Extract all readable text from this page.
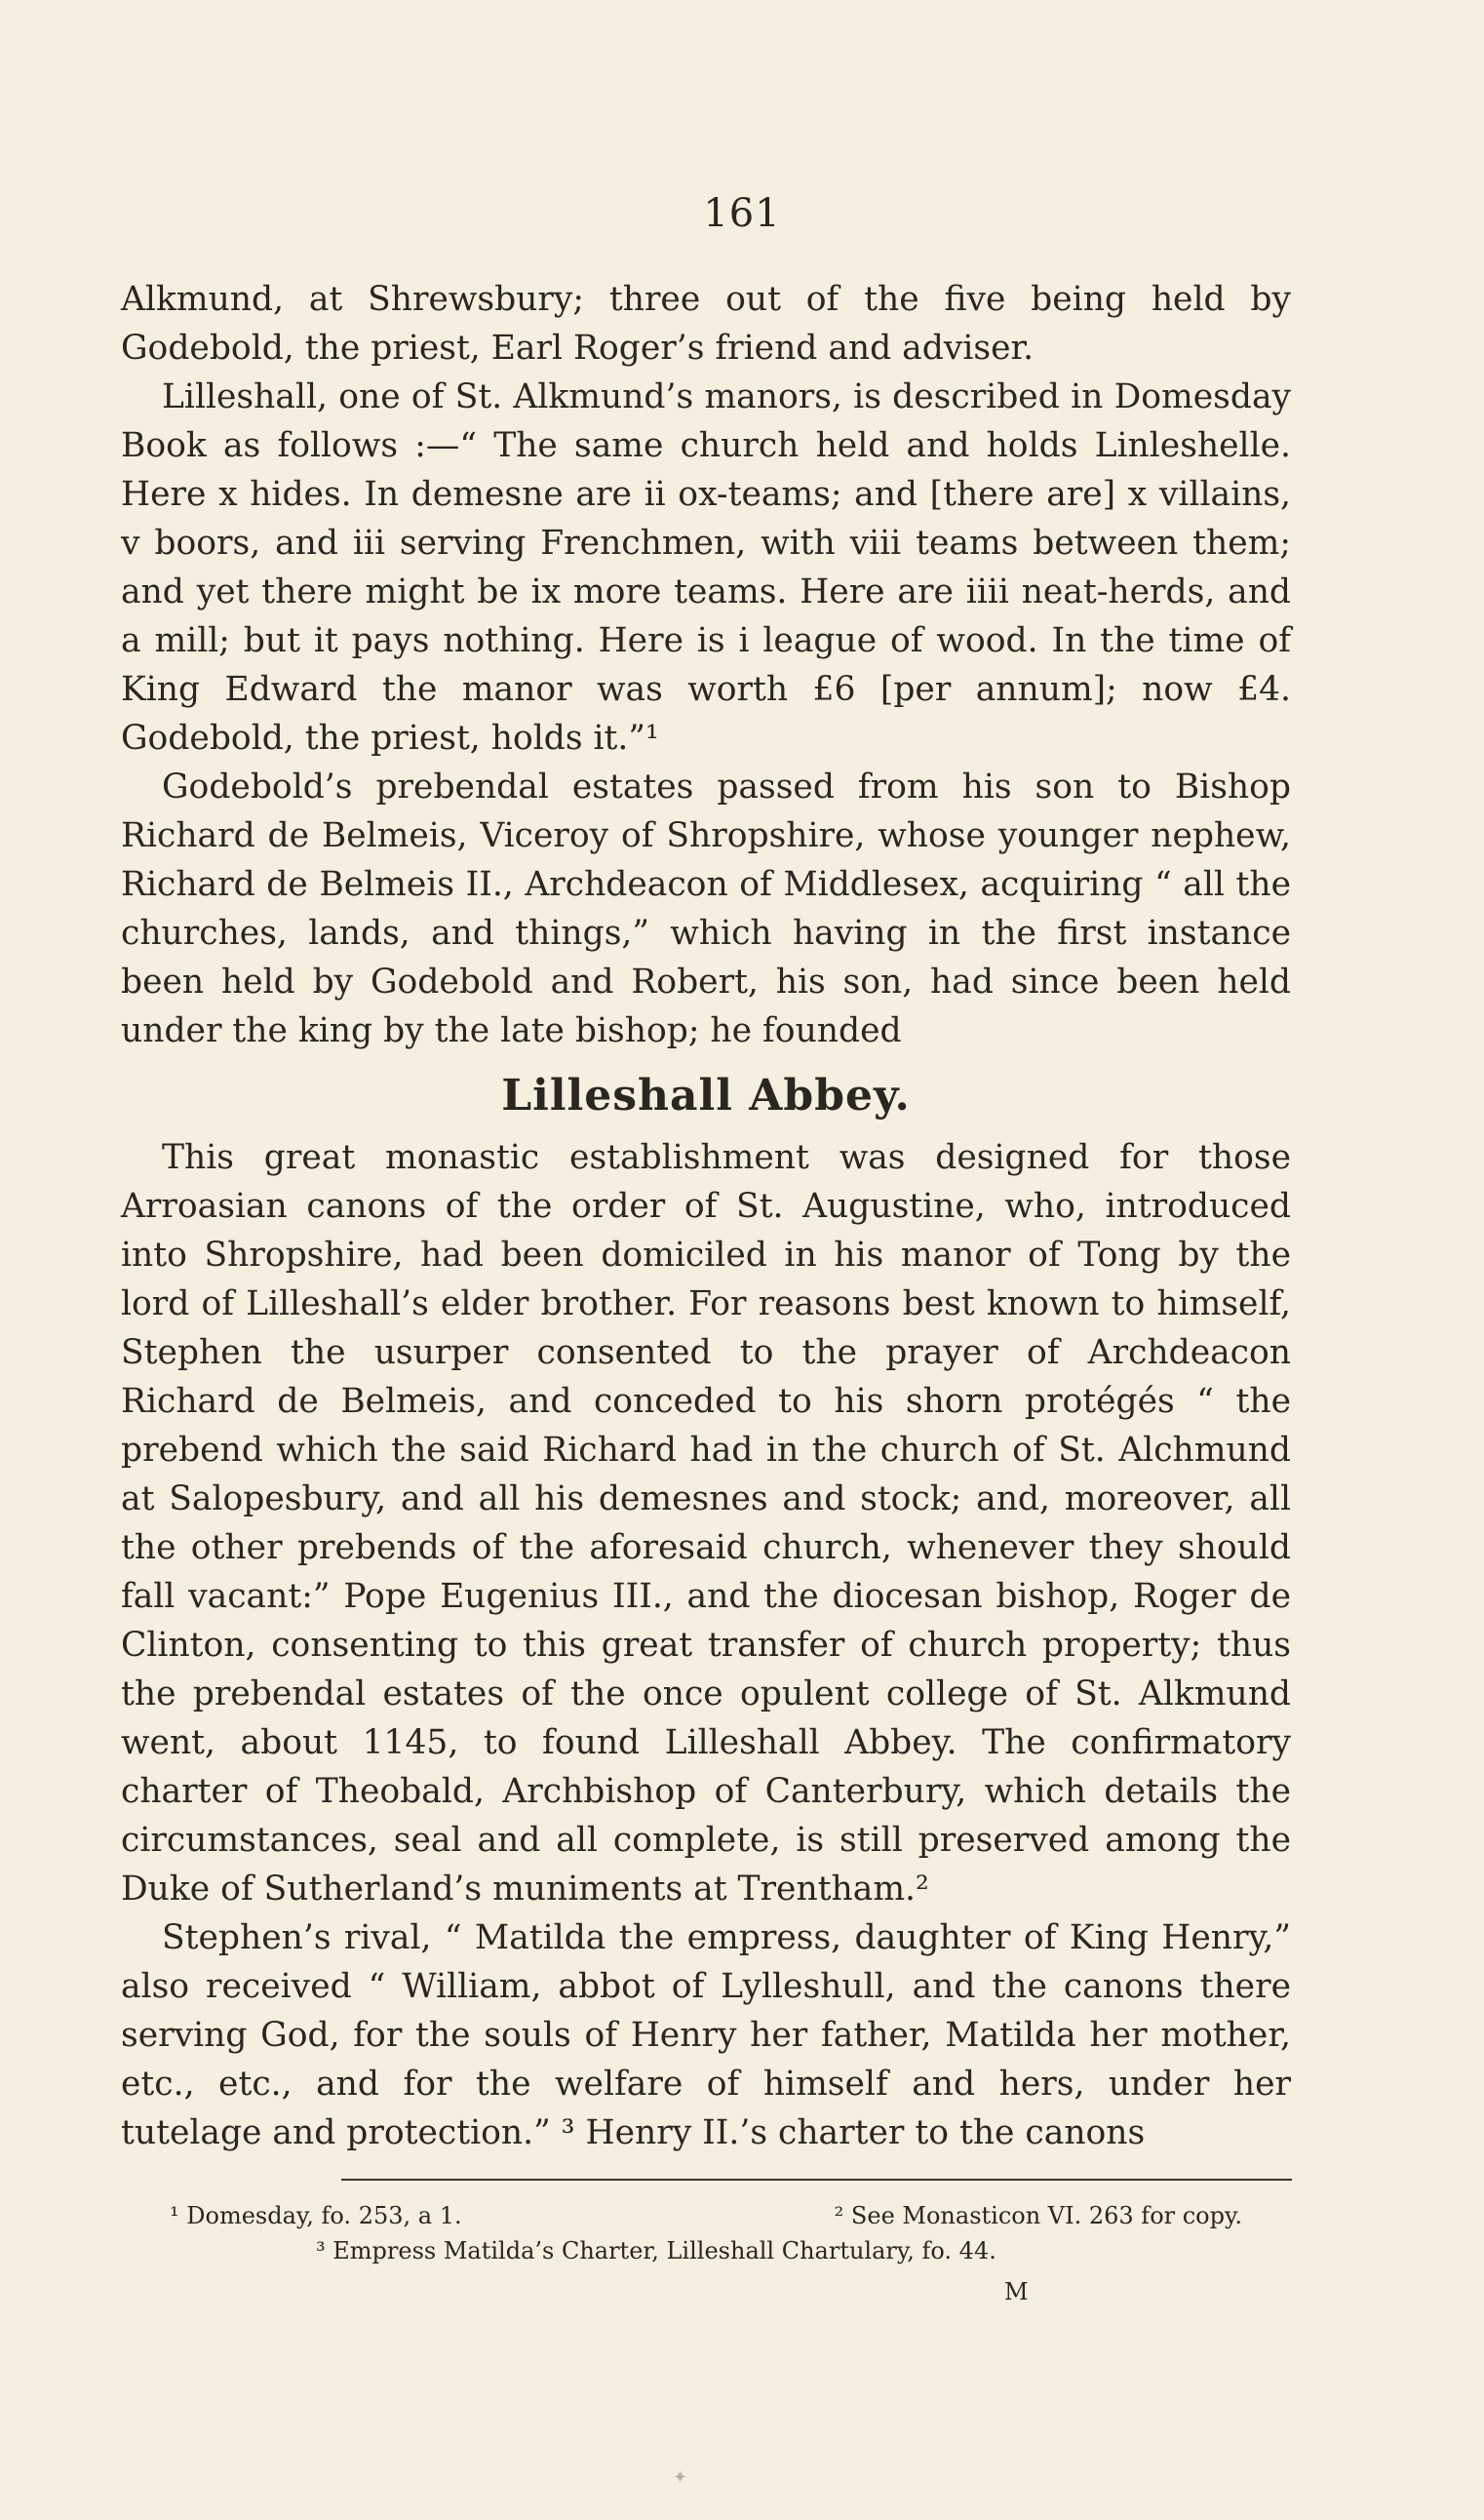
161

Alkmund, at Shrewsbury; three out of the five being held by Godebold, the priest, Earl Roger’s friend and adviser.

Lilleshall, one of St. Alkmund’s manors, is described in Domesday Book as follows :—“ The same church held and holds Linleshelle. Here x hides. In demesne are ii ox-teams; and [there are] x villains, v boors, and iii serving Frenchmen, with viii teams between them; and yet there might be ix more teams. Here are iiii neat-herds, and a mill; but it pays nothing. Here is i league of wood. In the time of King Edward the manor was worth £6 [per annum]; now £4. Godebold, the priest, holds it.”¹

Godebold’s prebendal estates passed from his son to Bishop Richard de Belmeis, Viceroy of Shropshire, whose younger nephew, Richard de Belmeis II., Archdeacon of Middlesex, acquiring “ all the churches, lands, and things,” which having in the first instance been held by Godebold and Robert, his son, had since been held under the king by the late bishop; he founded

Lilleshall Abbey.

This great monastic establishment was designed for those Arroasian canons of the order of St. Augustine, who, introduced into Shropshire, had been domiciled in his manor of Tong by the lord of Lilleshall’s elder brother. For reasons best known to himself, Stephen the usurper consented to the prayer of Archdeacon Richard de Belmeis, and conceded to his shorn protégés “ the prebend which the said Richard had in the church of St. Alchmund at Salopesbury, and all his demesnes and stock; and, moreover, all the other prebends of the aforesaid church, whenever they should fall vacant:” Pope Eugenius III., and the diocesan bishop, Roger de Clinton, consenting to this great transfer of church property; thus the prebendal estates of the once opulent college of St. Alkmund went, about 1145, to found Lilleshall Abbey. The confirmatory charter of Theobald, Archbishop of Canterbury, which details the circumstances, seal and all complete, is still preserved among the Duke of Sutherland’s muniments at Trentham.²

Stephen’s rival, “ Matilda the empress, daughter of King Henry,” also received “ William, abbot of Lylleshull, and the canons there serving God, for the souls of Henry her father, Matilda her mother, etc., etc., and for the welfare of himself and hers, under her tutelage and protection.” ³ Henry II.’s charter to the canons

¹ Domesday, fo. 253, a 1.	² See Monasticon VI. 263 for copy.
³ Empress Matilda’s Charter, Lilleshall Chartulary, fo. 44.
M
✦
